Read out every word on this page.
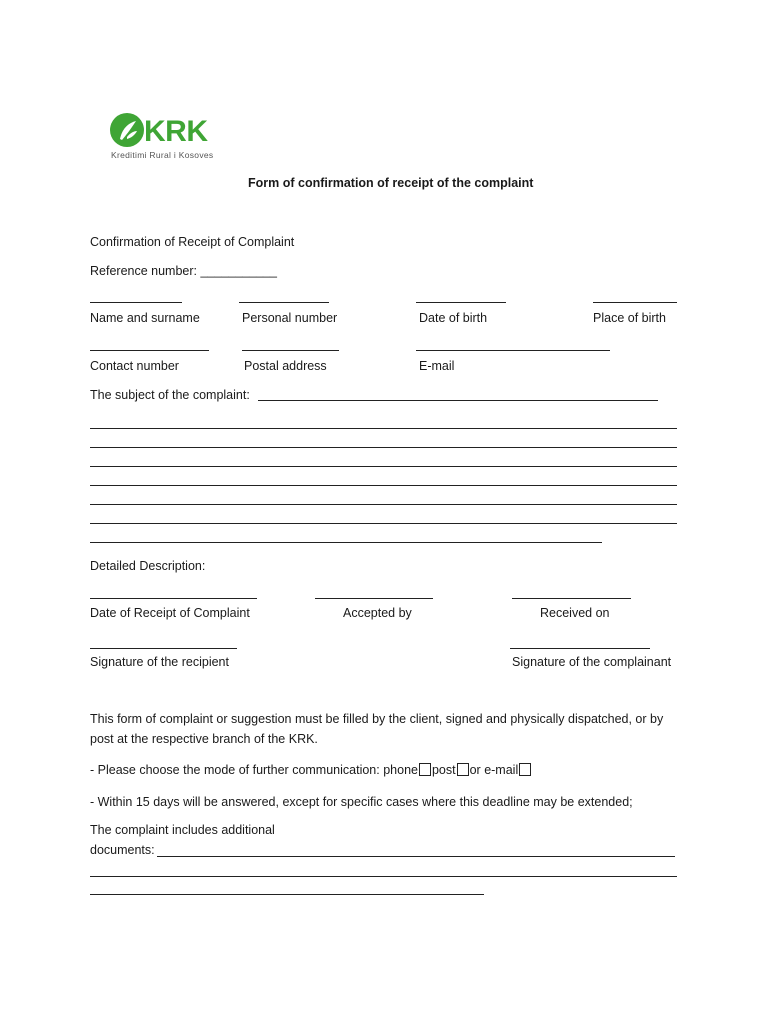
KRK
Kreditimi Rural i Kosoves
Form of confirmation of receipt of the complaint
Confirmation of Receipt of Complaint
Reference number: ___________
Name and surname	Personal number	Date of birth	Place of birth
Contact number	Postal address	E-mail
The subject of the complaint:
Detailed Description:
Date of Receipt of Complaint	Accepted by	Received on
Signature of the recipient	Signature of the complainant
This form of complaint or suggestion must be filled by the client, signed and physically dispatched, or by post at the respective branch of the KRK.
- Please choose the mode of further communication: phone post or e-mail
- Within 15 days will be answered, except for specific cases where this deadline may be extended;
The complaint includes additional
documents:
